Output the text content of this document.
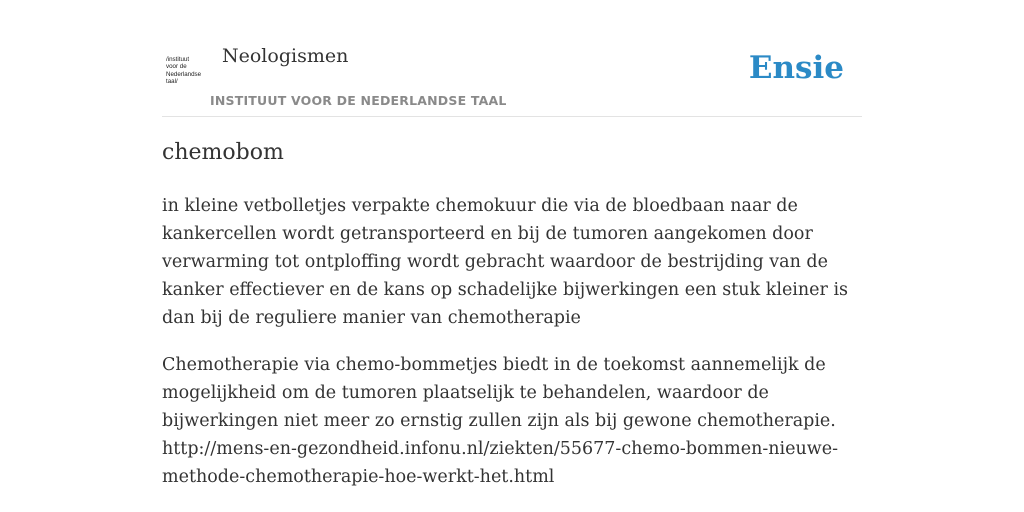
/instituut
voor de
Nederlandse
taal/
Neologismen
INSTITUUT VOOR DE NEDERLANDSE TAAL
Ensie
chemobom
in kleine vetbolletjes verpakte chemokuur die via de bloedbaan naar de kankercellen wordt getransporteerd en bij de tumoren aangekomen door verwarming tot ontploffing wordt gebracht waardoor de bestrijding van de kanker effectiever en de kans op schadelijke bijwerkingen een stuk kleiner is dan bij de reguliere manier van chemotherapie
Chemotherapie via chemo-bommetjes biedt in de toekomst aannemelijk de
mogelijkheid om de tumoren plaatselijk te behandelen, waardoor de
bijwerkingen niet meer zo ernstig zullen zijn als bij gewone chemotherapie.
http://mens-en-gezondheid.infonu.nl/ziekten/55677-chemo-bommen-nieuwe-
methode-chemotherapie-hoe-werkt-het.html
